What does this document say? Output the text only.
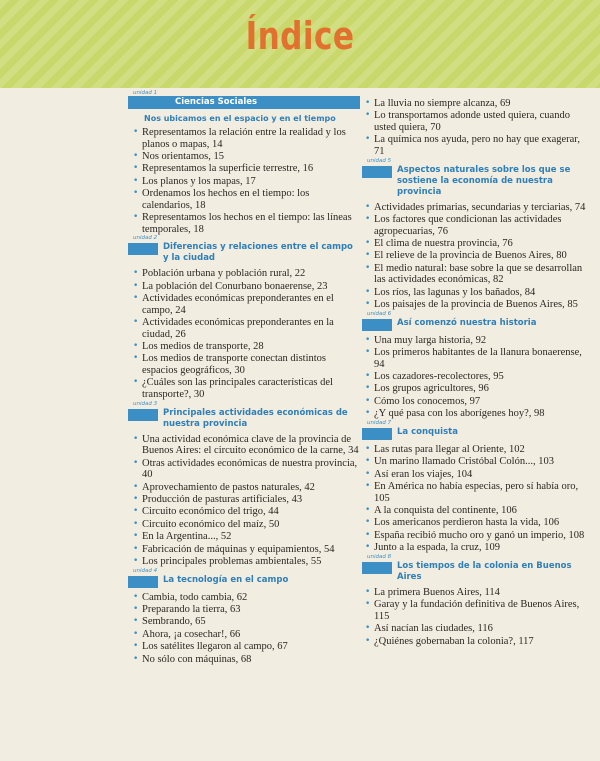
Índice
unidad 1
Ciencias Sociales
Nos ubicamos en el espacio y en el tiempo
• Representamos la relación entre la realidad y los planos o mapas, 14
• Nos orientamos, 15
• Representamos la superficie terrestre, 16
• Los planos y los mapas, 17
• Ordenamos los hechos en el tiempo: los calendarios, 18
• Representamos los hechos en el tiempo: las líneas temporales, 18
unidad 2
Diferencias y relaciones entre el campo y la ciudad
• Población urbana y población rural, 22
• La población del Conurbano bonaerense, 23
• Actividades económicas preponderantes en el campo, 24
• Actividades económicas preponderantes en la ciudad, 26
• Los medios de transporte, 28
• Los medios de transporte conectan distintos espacios geográficos, 30
• ¿Cuáles son las principales características del transporte?, 30
unidad 3
Principales actividades económicas de nuestra provincia
• Una actividad económica clave de la provincia de Buenos Aires: el circuito económico de la carne, 34
• Otras actividades económicas de nuestra provincia, 40
• Aprovechamiento de pastos naturales, 42
• Producción de pasturas artificiales, 43
• Circuito económico del trigo, 44
• Circuito económico del maíz, 50
• En la Argentina..., 52
• Fabricación de máquinas y equipamientos, 54
• Los principales problemas ambientales, 55
unidad 4
La tecnología en el campo
• Cambia, todo cambia, 62
• Preparando la tierra, 63
• Sembrando, 65
• Ahora, ¡a cosechar!, 66
• Los satélites llegaron al campo, 67
• No sólo con máquinas, 68
• La lluvia no siempre alcanza, 69
• Lo transportamos adonde usted quiera, cuando usted quiera, 70
• La química nos ayuda, pero no hay que exagerar, 71
unidad 5
Aspectos naturales sobre los que se sostiene la economía de nuestra provincia
• Actividades primarias, secundarias y terciarias, 74
• Los factores que condicionan las actividades agropecuarias, 76
• El clima de nuestra provincia, 76
• El relieve de la provincia de Buenos Aires, 80
• El medio natural: base sobre la que se desarrollan las actividades económicas, 82
• Los ríos, las lagunas y los bañados, 84
• Los paisajes de la provincia de Buenos Aires, 85
unidad 6
Así comenzó nuestra historia
• Una muy larga historia, 92
• Los primeros habitantes de la llanura bonaerense, 94
• Los cazadores-recolectores, 95
• Los grupos agricultores, 96
• Cómo los conocemos, 97
• ¿Y qué pasa con los aborígenes hoy?, 98
unidad 7
La conquista
• Las rutas para llegar al Oriente, 102
• Un marino llamado Cristóbal Colón..., 103
• Así eran los viajes, 104
• En América no había especias, pero sí había oro, 105
• A la conquista del continente, 106
• Los americanos perdieron hasta la vida, 106
• España recibió mucho oro y ganó un imperio, 108
• Junto a la espada, la cruz, 109
unidad 8
Los tiempos de la colonia en Buenos Aires
• La primera Buenos Aires, 114
• Garay y la fundación definitiva de Buenos Aires, 115
• Así nacían las ciudades, 116
• ¿Quiénes gobernaban la colonia?, 117
